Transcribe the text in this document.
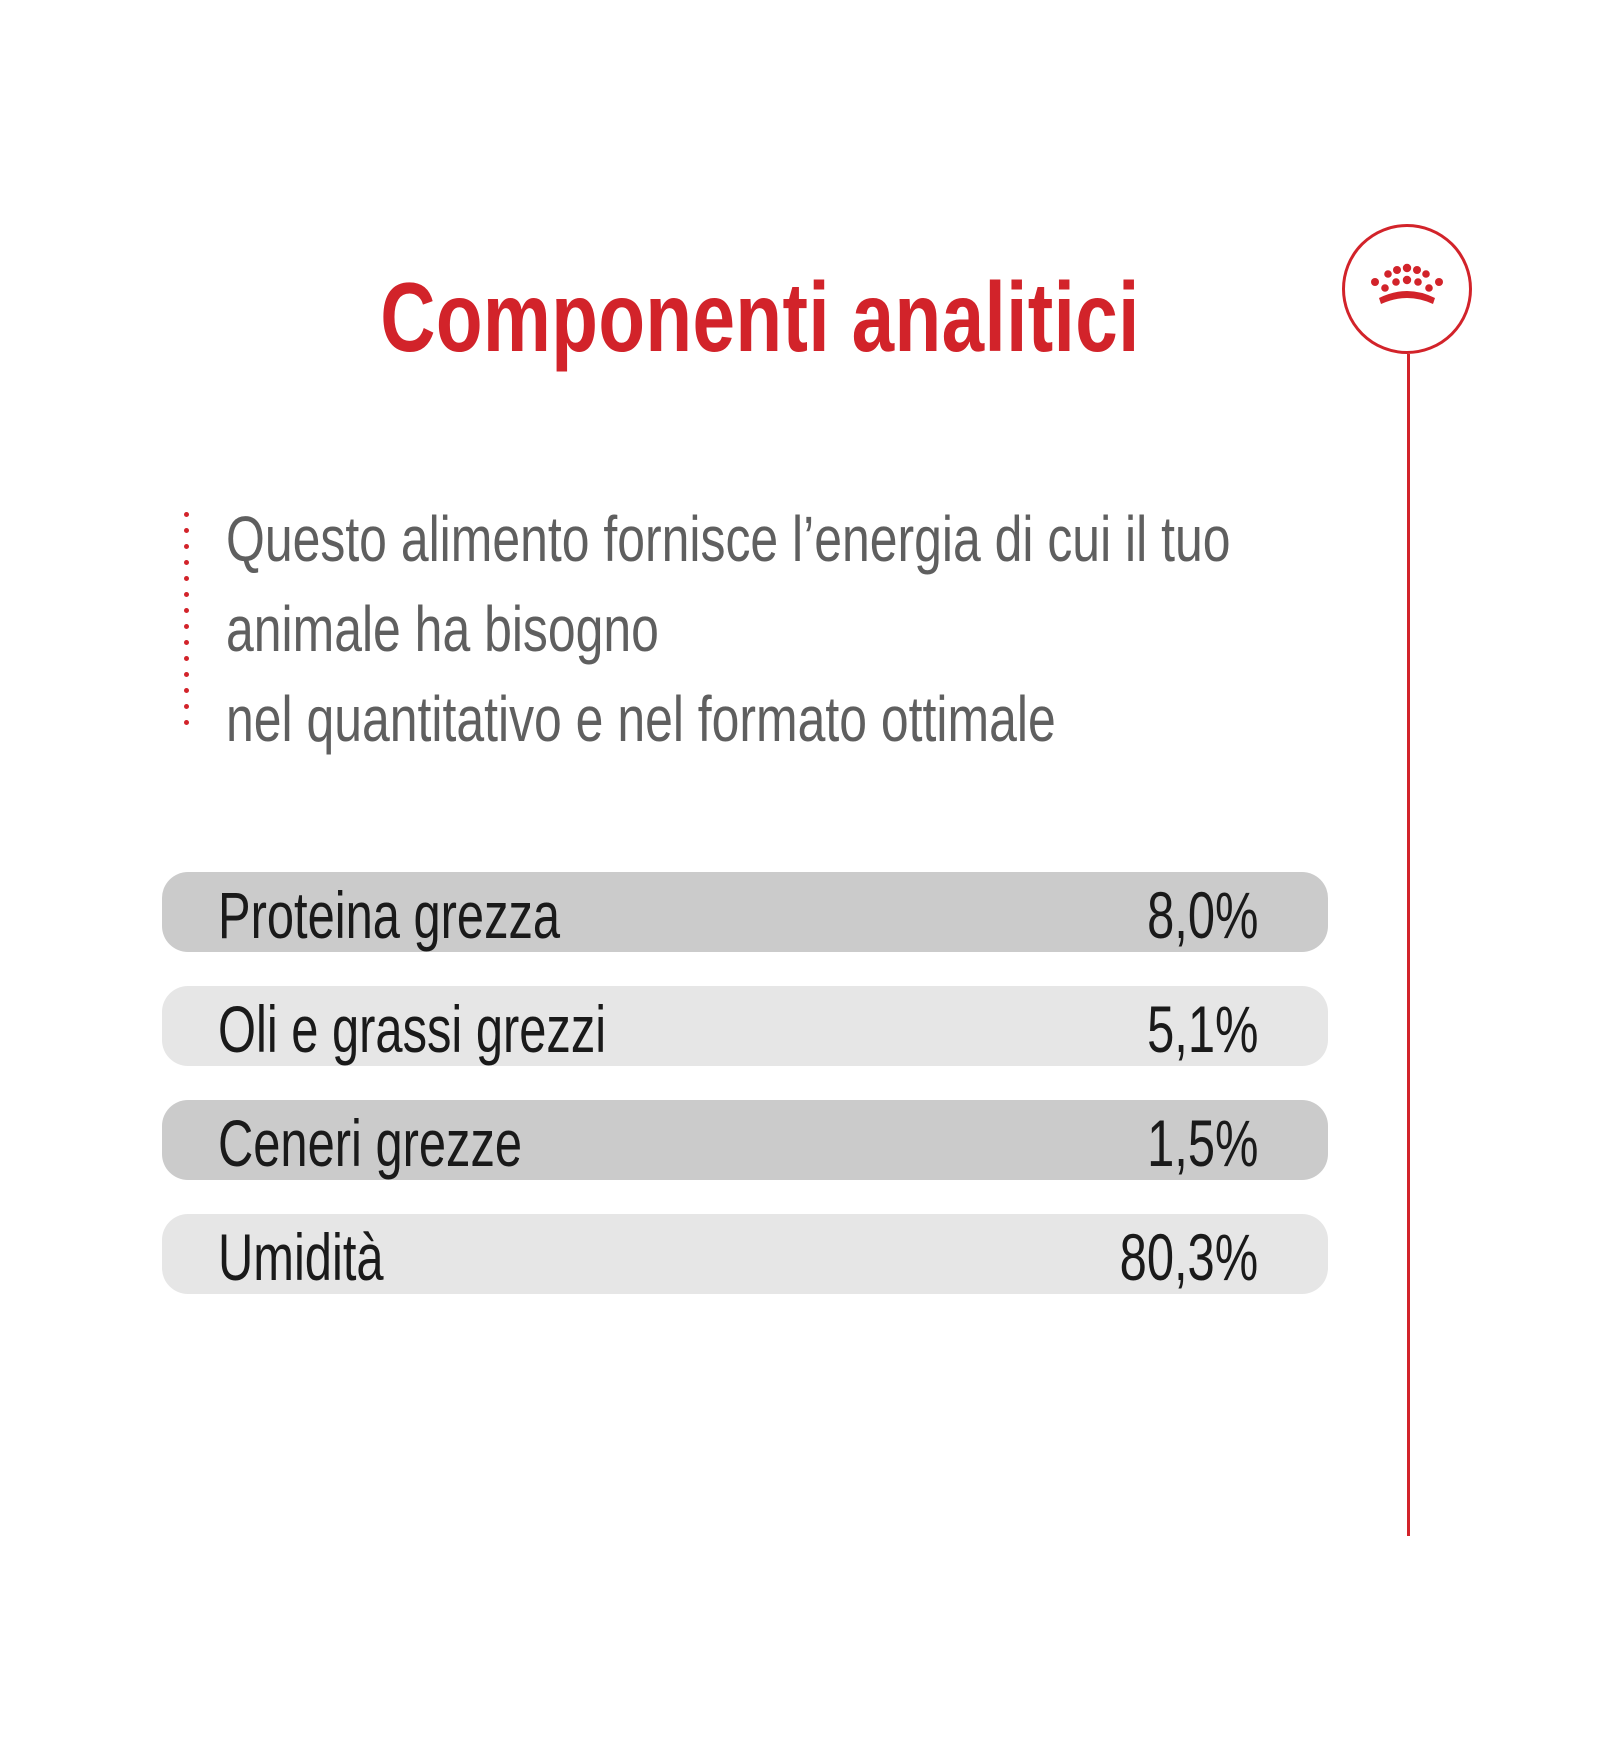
Componenti analitici
Questo alimento fornisce l’energia di cui il tuo
animale ha bisogno
nel quantitativo e nel formato ottimale
Proteina grezza	8,0%
Oli e grassi grezzi	5,1%
Ceneri grezze	1,5%
Umidità	80,3%
